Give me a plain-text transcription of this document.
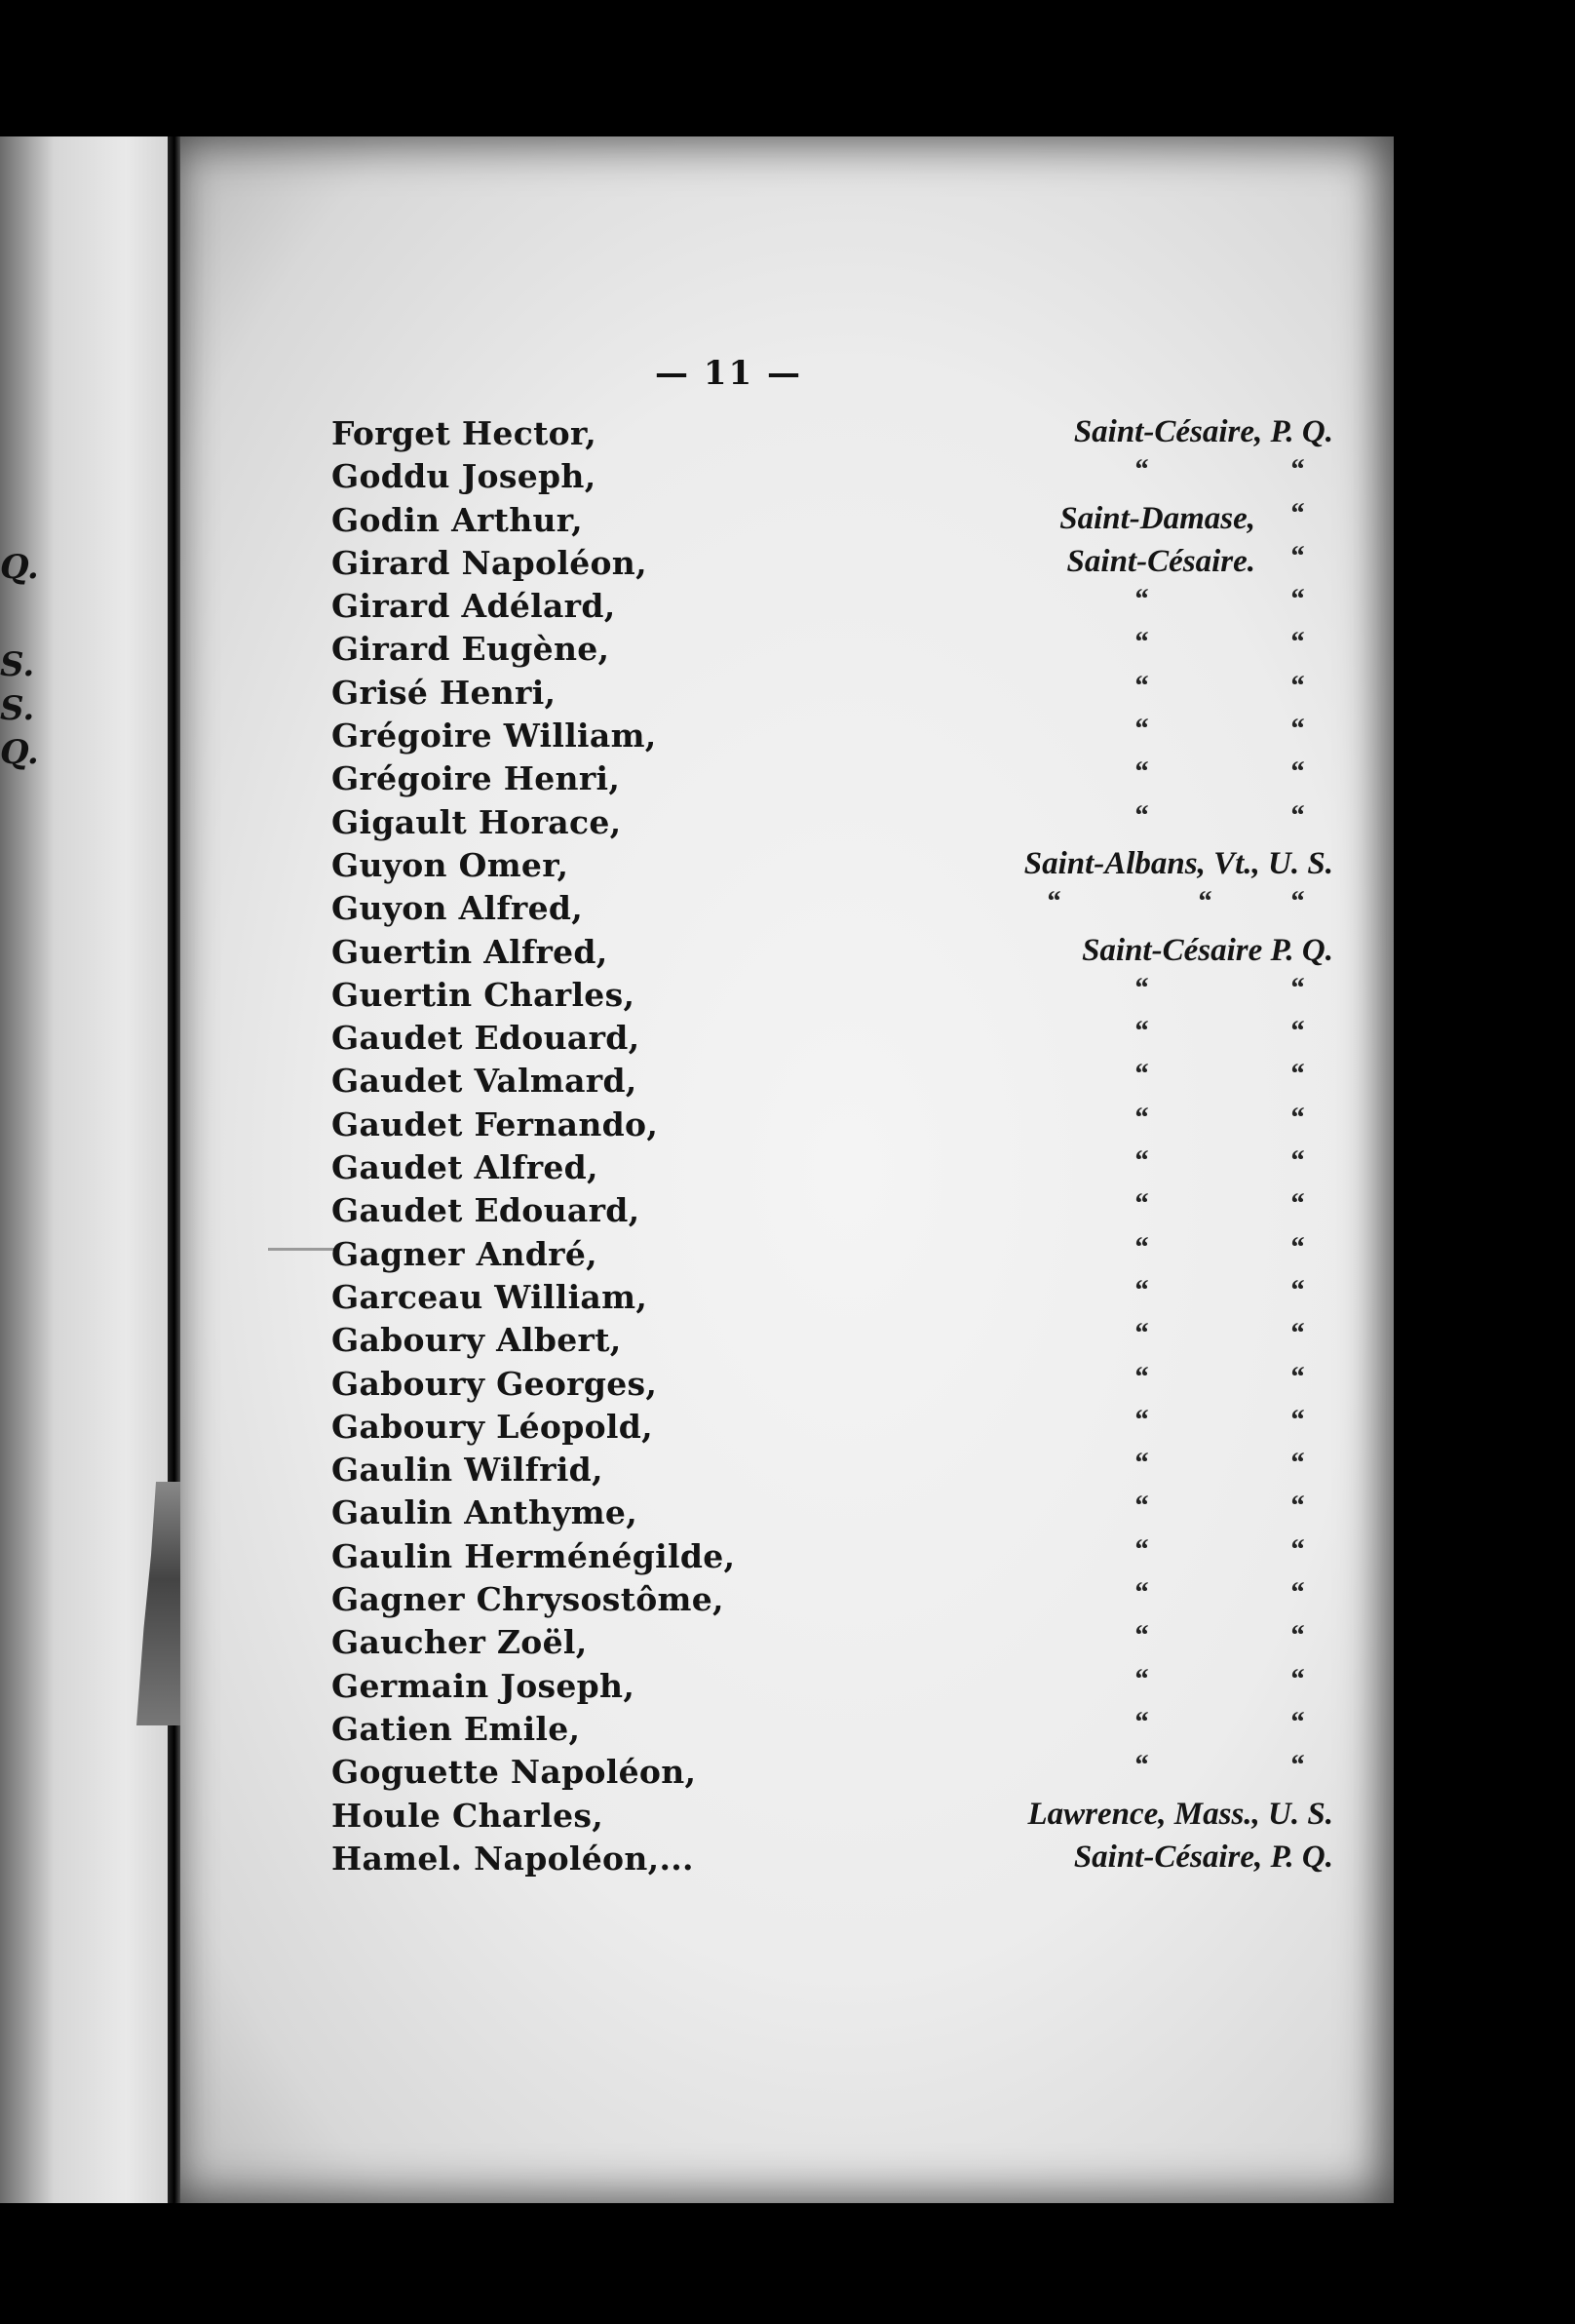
Q.
S.
S.
Q.
— 11 —
Forget Hector,	Saint-Césaire, P. Q.
Goddu Joseph,	“	“
Godin Arthur,	Saint-Damase, “
Girard Napoléon,	Saint-Césaire. “
Girard Adélard,	“	“
Girard Eugène,	“	“
Grisé Henri,	“	“
Grégoire William,	“	“
Grégoire Henri,	“	“
Gigault Horace,	“	“
Guyon Omer,	Saint-Albans, Vt., U. S.
Guyon Alfred,	“	“	“
Guertin Alfred,	Saint-Césaire P. Q.
Guertin Charles,	“	“
Gaudet Edouard,	“	“
Gaudet Valmard,	“	“
Gaudet Fernando,	“	“
Gaudet Alfred,	“	“
Gaudet Edouard,	“	“
Gagner André,	“	“
Garceau William,	“	“
Gaboury Albert,	“	“
Gaboury Georges,	“	“
Gaboury Léopold,	“	“
Gaulin Wilfrid,	“	“
Gaulin Anthyme,	“	“
Gaulin Herménégilde,	“	“
Gagner Chrysostôme,	“	“
Gaucher Zoël,	“	“
Germain Joseph,	“	“
Gatien Emile,	“	“
Goguette Napoléon,	“	“
Houle Charles,	Lawrence, Mass., U. S.
Hamel. Napoléon,...	Saint-Césaire, P. Q.
